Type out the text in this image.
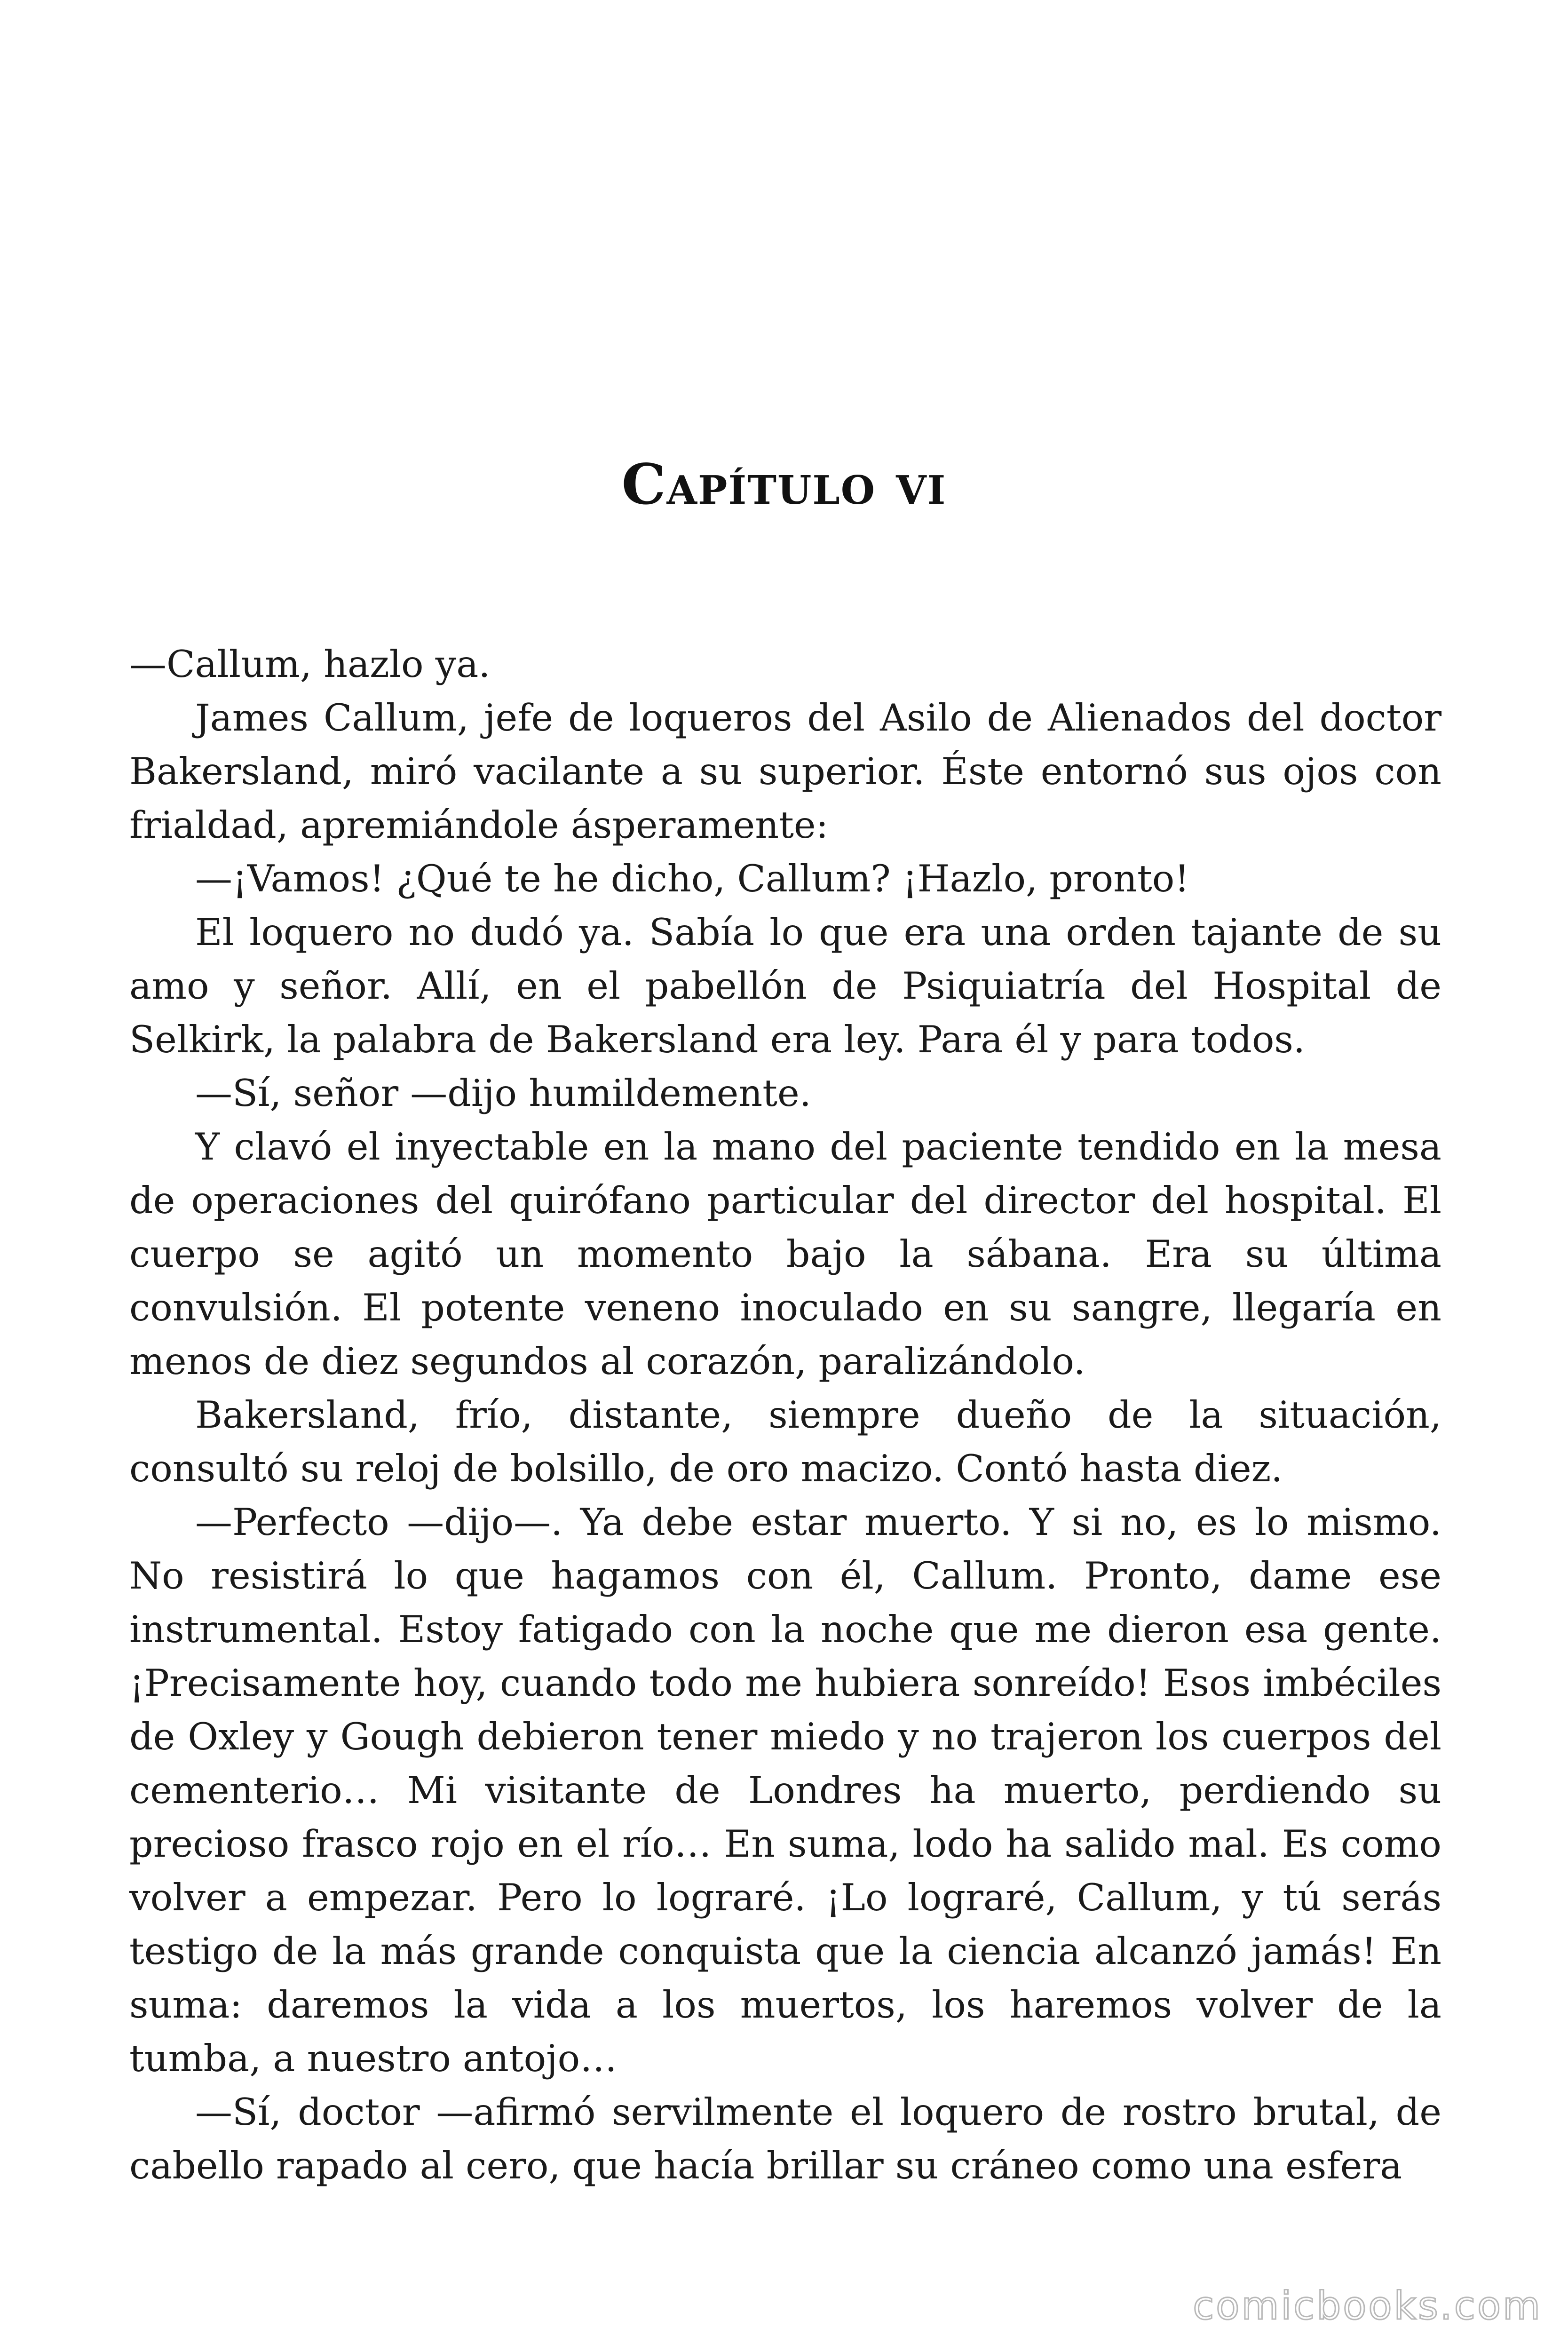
Capítulo vi

—Callum, hazlo ya.

James Callum, jefe de loqueros del Asilo de Alienados del doctor Bakersland, miró vacilante a su superior. Éste entornó sus ojos con frialdad, apremiándole ásperamente:

—¡Vamos! ¿Qué te he dicho, Callum? ¡Hazlo, pronto!

El loquero no dudó ya. Sabía lo que era una orden tajante de su amo y señor. Allí, en el pabellón de Psiquiatría del Hospital de Selkirk, la palabra de Bakersland era ley. Para él y para todos.

—Sí, señor —dijo humildemente.

Y clavó el inyectable en la mano del paciente tendido en la mesa de operaciones del quirófano particular del director del hospital. El cuerpo se agitó un momento bajo la sábana. Era su última convulsión. El potente veneno inoculado en su sangre, llegaría en menos de diez segundos al corazón, paralizándolo.

Bakersland, frío, distante, siempre dueño de la situación, consultó su reloj de bolsillo, de oro macizo. Contó hasta diez.

—Perfecto —dijo—. Ya debe estar muerto. Y si no, es lo mismo. No resistirá lo que hagamos con él, Callum. Pronto, dame ese instrumental. Estoy fatigado con la noche que me dieron esa gente. ¡Precisamente hoy, cuando todo me hubiera sonreído! Esos imbéciles de Oxley y Gough debieron tener miedo y no trajeron los cuerpos del cementerio… Mi visitante de Londres ha muerto, perdiendo su precioso frasco rojo en el río… En suma, lodo ha salido mal. Es como volver a empezar. Pero lo lograré. ¡Lo lograré, Callum, y tú serás testigo de la más grande conquista que la ciencia alcanzó jamás! En suma: daremos la vida a los muertos, los haremos volver de la tumba, a nuestro antojo…

—Sí, doctor —afirmó servilmente el loquero de rostro brutal, de cabello rapado al cero, que hacía brillar su cráneo como una esfera

comicbooks.com
